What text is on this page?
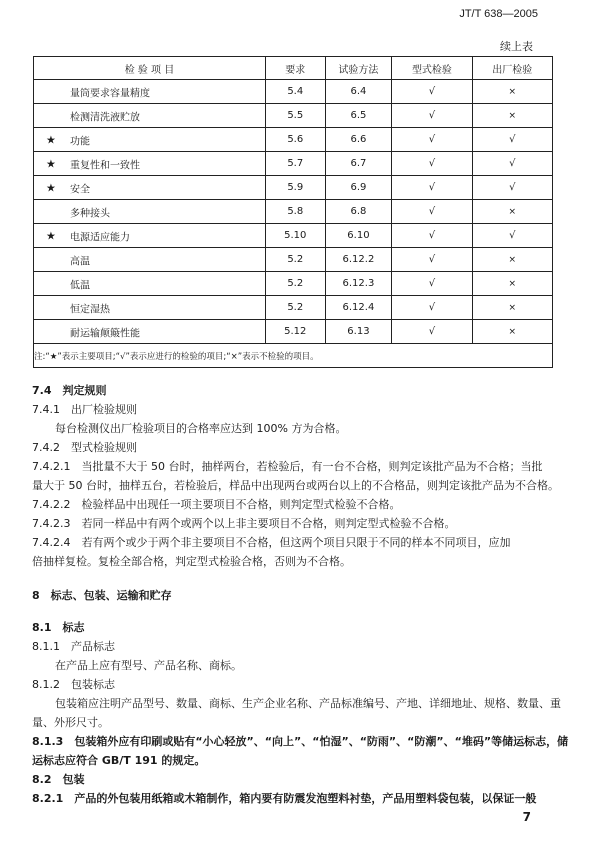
JT/T 638—2005
续上表
检 验 项 目	要求	试验方法	型式检验	出厂检验

量筒要求容量精度	5.4	6.4	√	×

检测清洗液贮放	5.5	6.5	√	×

★ 功能	5.6	6.6	√	√

★ 重复性和一致性	5.7	6.7	√	√

★ 安全	5.9	6.9	√	√

多种接头	5.8	6.8	√	×

★ 电源适应能力	5.10	6.10	√	√

高温	5.2	6.12.2	√	×

低温	5.2	6.12.3	√	×

恒定湿热	5.2	6.12.4	√	×

耐运输颠簸性能	5.12	6.13	√	×
注:“★”表示主要项目;“√”表示应进行的检验的项目;“×”表示不检验的项目。				
7.4　判定规则
7.4.1　出厂检验规则
每台检测仪出厂检验项目的合格率应达到 100% 方为合格。
7.4.2　型式检验规则
7.4.2.1　当批量不大于 50 台时，抽样两台，若检验后，有一台不合格，则判定该批产品为不合格；当批
量大于 50 台时，抽样五台，若检验后，样品中出现两台或两台以上的不合格品，则判定该批产品为不合格。
7.4.2.2　检验样品中出现任一项主要项目不合格，则判定型式检验不合格。
7.4.2.3　若同一样品中有两个或两个以上非主要项目不合格，则判定型式检验不合格。
7.4.2.4　若有两个或少于两个非主要项目不合格，但这两个项目只限于不同的样本不同项目，应加
倍抽样复检。复检全部合格，判定型式检验合格，否则为不合格。
8　标志、包装、运输和贮存
8.1　标志
8.1.1　产品标志
在产品上应有型号、产品名称、商标。
8.1.2　包装标志
包装箱应注明产品型号、数量、商标、生产企业名称、产品标准编号、产地、详细地址、规格、数量、重
量、外形尺寸。
8.1.3　包装箱外应有印刷或贴有“小心轻放”、“向上”、“怕湿”、“防雨”、“防潮”、“堆码”等储运标志，储
运标志应符合 GB/T 191 的规定。
8.2　包装
8.2.1　产品的外包装用纸箱或木箱制作，箱内要有防震发泡塑料衬垫，产品用塑料袋包装，以保证一般
7
